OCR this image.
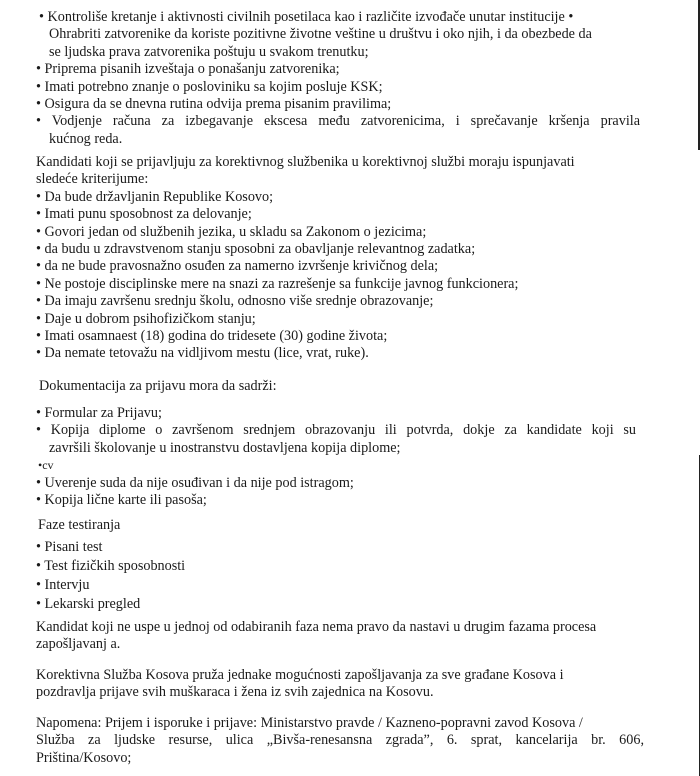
• Kontroliše kretanje i aktivnosti civilnih posetilaca kao i različite izvođače unutar institucije •
Ohrabriti zatvorenike da koriste pozitivne životne veštine u društvu i oko njih, i da obezbede da
se ljudska prava zatvorenika poštuju u svakom trenutku;
• Priprema pisanih izveštaja o ponašanju zatvorenika;
• Imati potrebno znanje o posloviniku sa kojim posluje KSK;
• Osigura da se dnevna rutina odvija prema pisanim pravilima;
• Vodjenje računa za izbegavanje ekscesa među zatvorenicima, i sprečavanje kršenja pravila
kućnog reda.
Kandidati koji se prijavljuju za korektivnog službenika u korektivnoj službi moraju ispunjavati
sledeće kriterijume:
• Da bude državljanin Republike Kosovo;
• Imati punu sposobnost za delovanje;
• Govori jedan od službenih jezika, u skladu sa Zakonom o jezicima;
• da budu u zdravstvenom stanju sposobni za obavljanje relevantnog zadatka;
• da ne bude pravosnažno osuđen za namerno izvršenje krivičnog dela;
• Ne postoje disciplinske mere na snazi za razrešenje sa funkcije javnog funkcionera;
• Da imaju završenu srednju školu, odnosno više srednje obrazovanje;
• Daje u dobrom psihofizičkom stanju;
• Imati osamnaest (18) godina do tridesete (30) godine života;
• Da nemate tetovažu na vidljivom mestu (lice, vrat, ruke).
Dokumentacija za prijavu mora da sadrži:
• Formular za Prijavu;
• Kopija diplome o završenom srednjem obrazovanju ili potvrda, dokje za kandidate koji su
završili školovanje u inostranstvu dostavljena kopija diplome;
•cv
• Uverenje suda da nije osuđivan i da nije pod istragom;
• Kopija lične karte ili pasoša;
Faze testiranja
• Pisani test
• Test fizičkih sposobnosti
• Intervju
• Lekarski pregled
Kandidat koji ne uspe u jednoj od odabiranih faza nema pravo da nastavi u drugim fazama procesa
zapošljavanj a.
Korektivna Služba Kosova pruža jednake mogućnosti zapošljavanja za sve građane Kosova i
pozdravlja prijave svih muškaraca i žena iz svih zajednica na Kosovu.
Napomena: Prijem i isporuke i prijave: Ministarstvo pravde / Kazneno-popravni zavod Kosova /
Služba za ljudske resurse, ulica „Bivša-renesansna zgrada”, 6. sprat, kancelarija br. 606,
Priština/Kosovo;
